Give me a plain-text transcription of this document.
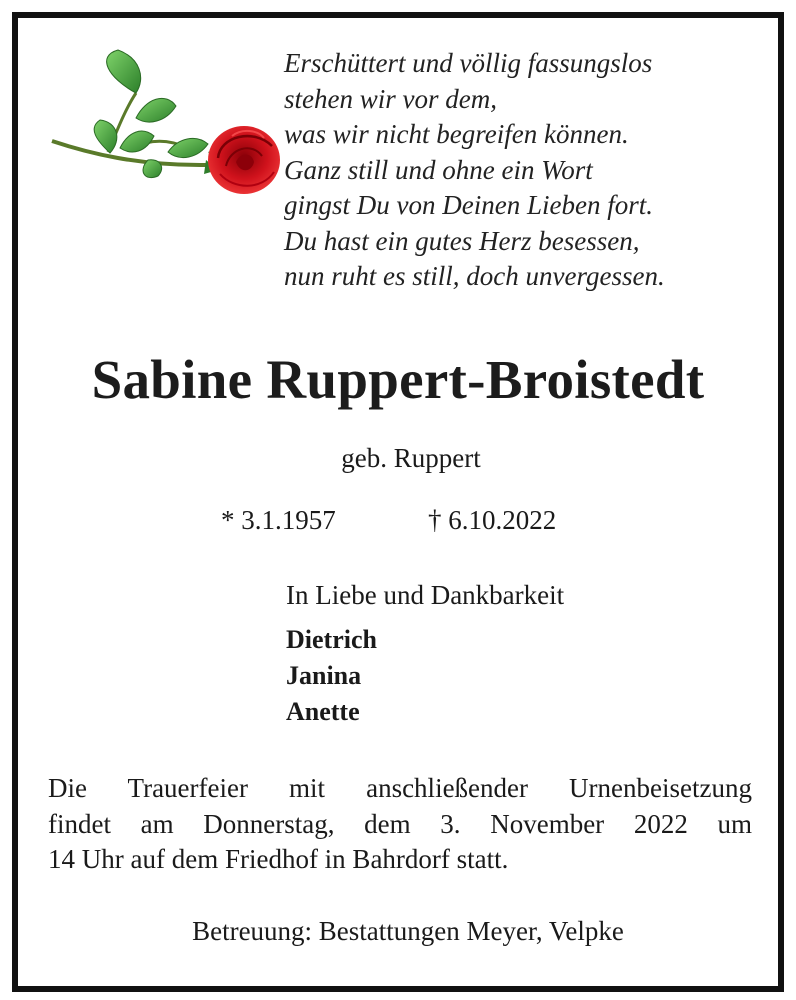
Erschüttert und völlig fassungslos
stehen wir vor dem,
was wir nicht begreifen können.
Ganz still und ohne ein Wort
gingst Du von Deinen Lieben fort.
Du hast ein gutes Herz besessen,
nun ruht es still, doch unvergessen.
Sabine Ruppert-Broistedt
geb. Ruppert
* 3.1.1957	† 6.10.2022
In Liebe und Dankbarkeit
Dietrich
Janina
Anette
Die Trauerfeier mit anschließender Urnenbeisetzung
findet am Donnerstag, dem 3. November 2022 um
14 Uhr auf dem Friedhof in Bahrdorf statt.
Betreuung: Bestattungen Meyer, Velpke
